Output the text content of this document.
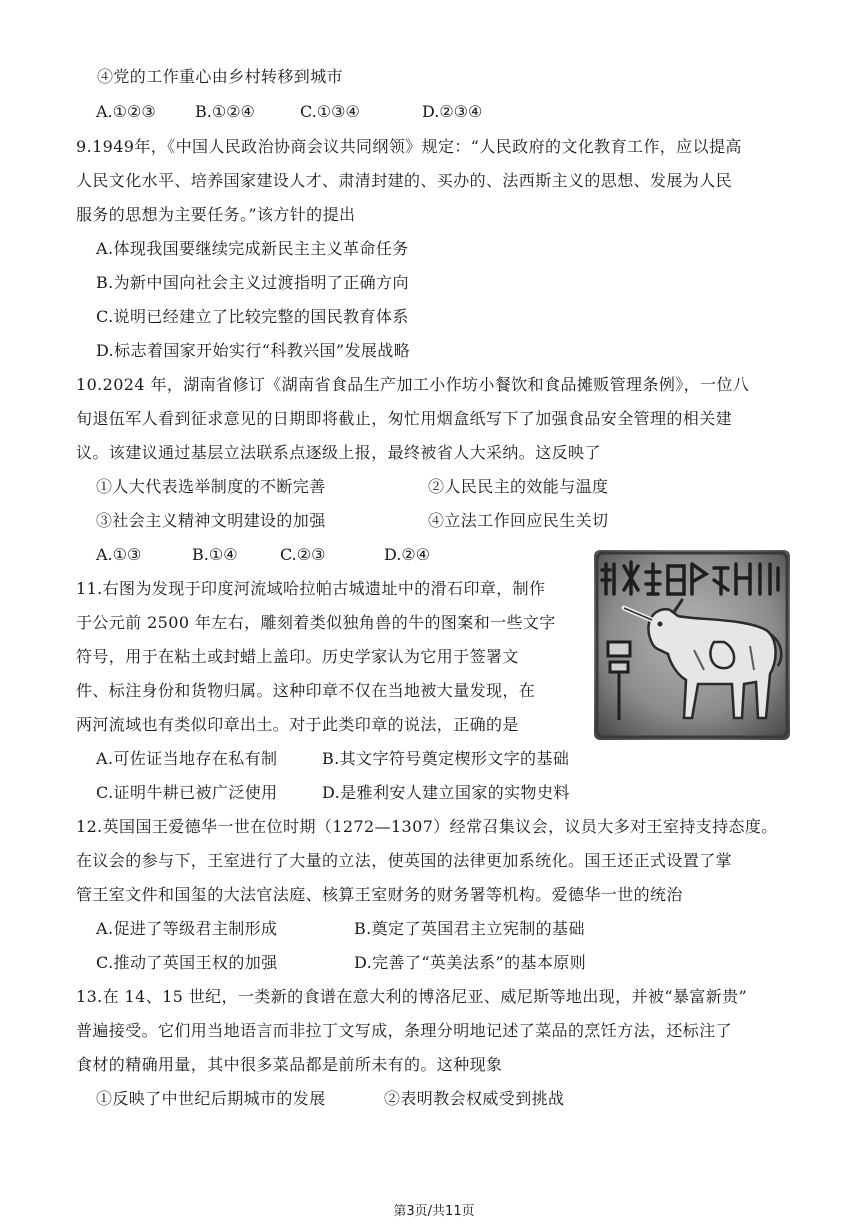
④党的工作重心由乡村转移到城市
A.①②③ B.①②④	C.①③④	D.②③④
9.1949年，《中国人民政治协商会议共同纲领》规定：“人民政府的文化教育工作，应以提高
人民文化水平、培养国家建设人才、肃清封建的、买办的、法西斯主义的思想、发展为人民
服务的思想为主要任务。”该方针的提出
A.体现我国要继续完成新民主主义革命任务
B.为新中国向社会主义过渡指明了正确方向
C.说明已经建立了比较完整的国民教育体系
D.标志着国家开始实行“科教兴国”发展战略
10.2024 年，湖南省修订《湖南省食品生产加工小作坊小餐饮和食品摊贩管理条例》，一位八
旬退伍军人看到征求意见的日期即将截止，匆忙用烟盒纸写下了加强食品安全管理的相关建
议。该建议通过基层立法联系点逐级上报，最终被省人大采纳。这反映了
①人大代表选举制度的不断完善	②人民民主的效能与温度
③社会主义精神文明建设的加强	④立法工作回应民生关切
A.①③	B.①④	C.②③	D.②④
11.右图为发现于印度河流域哈拉帕古城遗址中的滑石印章，制作
于公元前 2500 年左右，雕刻着类似独角兽的牛的图案和一些文字
符号，用于在粘土或封蜡上盖印。历史学家认为它用于签署文
件、标注身份和货物归属。这种印章不仅在当地被大量发现，在
两河流域也有类似印章出土。对于此类印章的说法，正确的是
A.可佐证当地存在私有制	B.其文字符号奠定楔形文字的基础
C.证明牛耕已被广泛使用	D.是雅利安人建立国家的实物史料
12.英国国王爱德华一世在位时期（1272—1307）经常召集议会，议员大多对王室持支持态度。
在议会的参与下，王室进行了大量的立法，使英国的法律更加系统化。国王还正式设置了掌
管王室文件和国玺的大法官法庭、核算王室财务的财务署等机构。爱德华一世的统治
A.促进了等级君主制形成	B.奠定了英国君主立宪制的基础
C.推动了英国王权的加强	D.完善了“英美法系”的基本原则
13.在 14、15 世纪，一类新的食谱在意大利的博洛尼亚、威尼斯等地出现，并被“暴富新贵”
普遍接受。它们用当地语言而非拉丁文写成，条理分明地记述了菜品的烹饪方法，还标注了
食材的精确用量，其中很多菜品都是前所未有的。这种现象
①反映了中世纪后期城市的发展	②表明教会权威受到挑战
第3页/共11页
